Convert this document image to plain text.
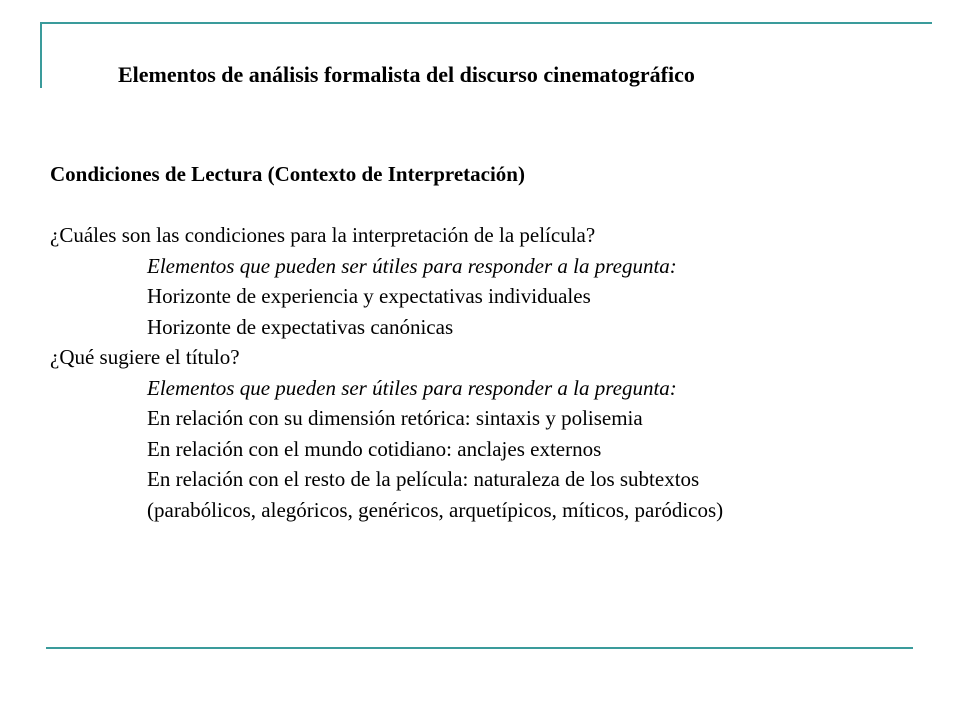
Elementos de análisis formalista del discurso cinematográfico

Condiciones de Lectura (Contexto de Interpretación)

¿Cuáles son las condiciones para la interpretación de la película?

Elementos que pueden ser útiles para responder a la pregunta:

Horizonte de experiencia y expectativas individuales

Horizonte de expectativas canónicas

¿Qué sugiere el título?

Elementos que pueden ser útiles para responder a la pregunta:

En relación con su dimensión retórica: sintaxis y polisemia

En relación con el mundo cotidiano: anclajes externos

En relación con el resto de la película: naturaleza de los subtextos

(parabólicos, alegóricos, genéricos, arquetípicos, míticos, paródicos)
